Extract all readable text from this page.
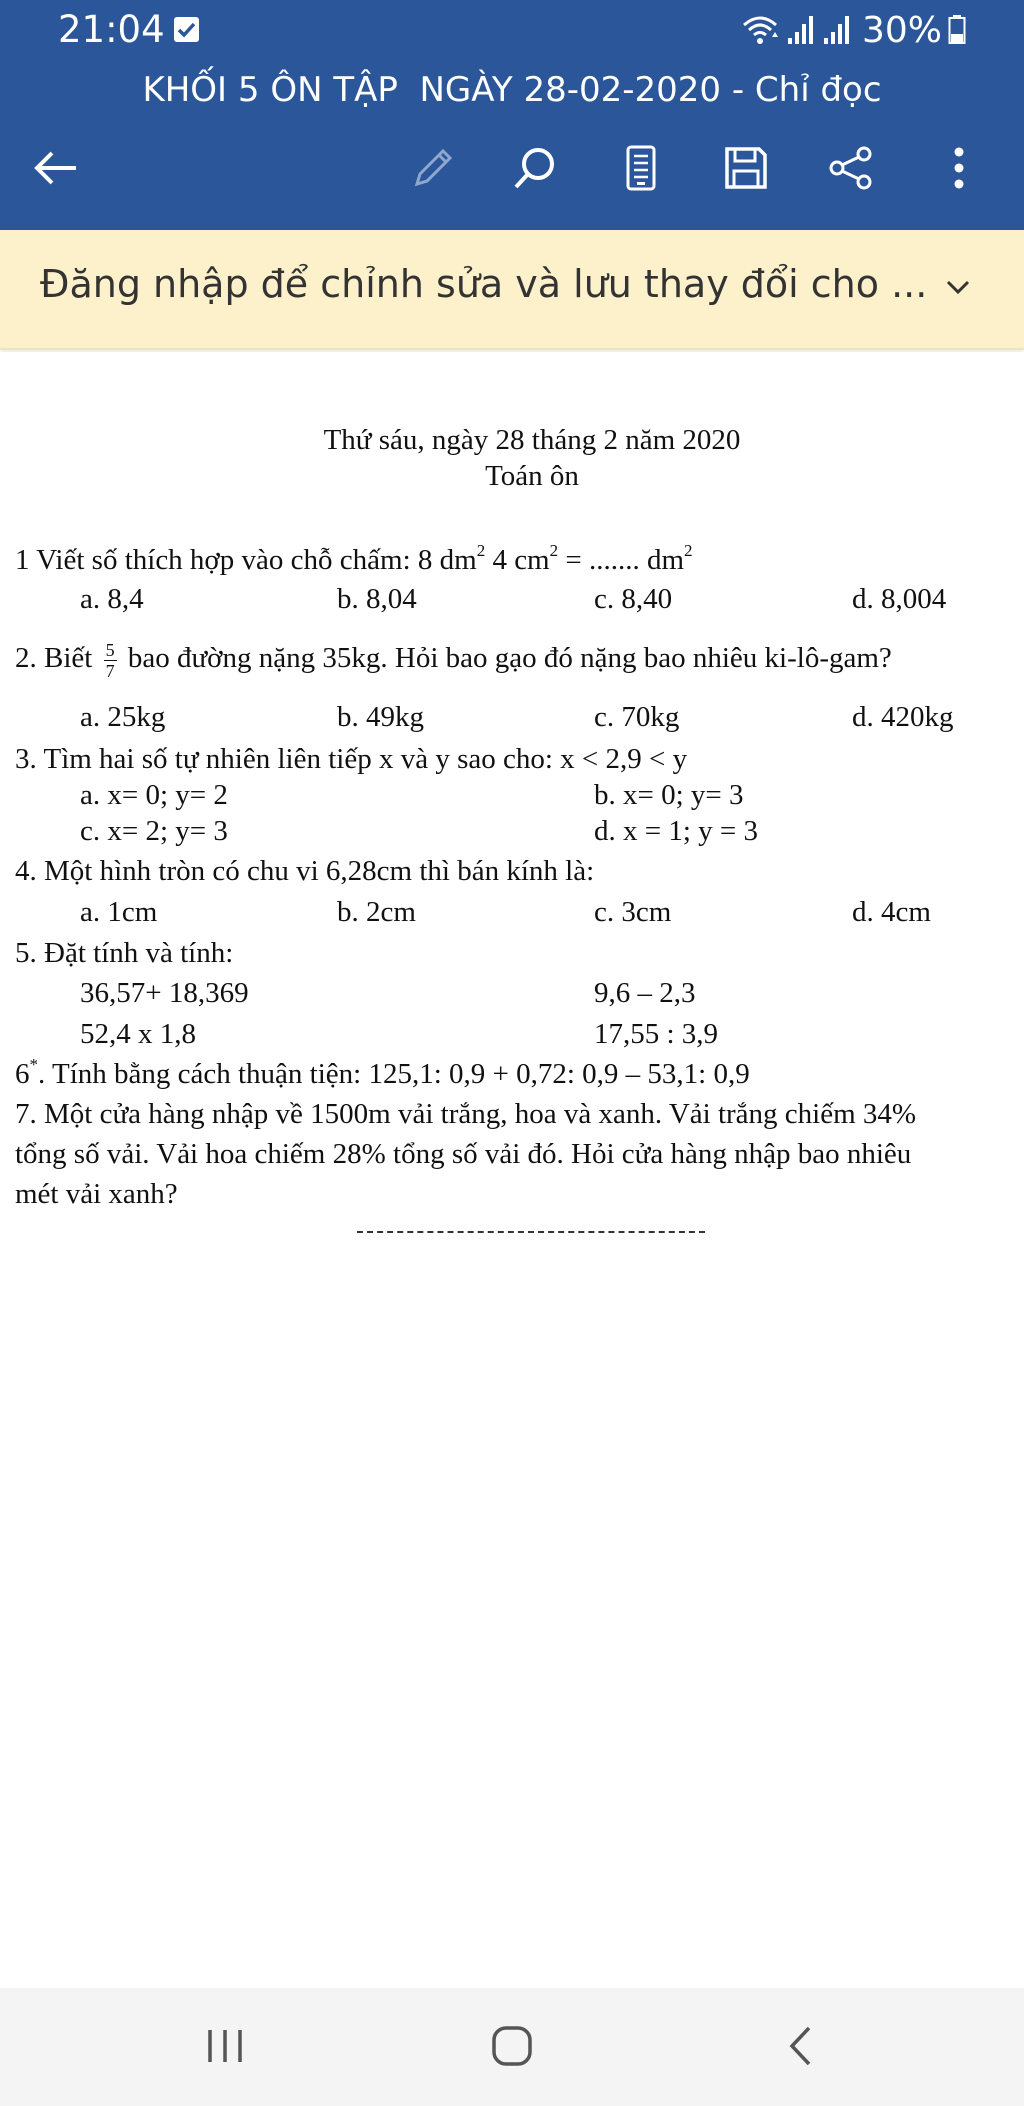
21:04	30%
KHỐI 5 ÔN TẬP  NGÀY 28-02-2020 - Chỉ đọc
Đăng nhập để chỉnh sửa và lưu thay đổi cho ...
Thứ sáu, ngày 28 tháng 2 năm 2020
Toán ôn
1 Viết số thích hợp vào chỗ chấm: 8 $dm^2$ 4 $cm^2$ = ....... $dm^2$
a. 8,4	b. 8,04	c. 8,40	d. 8,004
2. Biết $\frac{5}{7}$ bao đường nặng 35kg. Hỏi bao gạo đó nặng bao nhiêu ki-lô-gam?
a. 25kg	b. 49kg	c. 70kg	d. 420kg
3. Tìm hai số tự nhiên liên tiếp x và y sao cho: x < 2,9 < y
a. x= 0; y= 2	b. x= 0; y= 3
c. x= 2; y= 3	d. x = 1; y = 3
4. Một hình tròn có chu vi 6,28cm thì bán kính là:
a. 1cm	b. 2cm	c. 3cm	d. 4cm
5. Đặt tính và tính:
36,57+ 18,369	9,6 – 2,3
52,4 x 1,8	17,55 : 3,9
6*. Tính bằng cách thuận tiện: 125,1: 0,9 + 0,72: 0,9 – 53,1: 0,9
7. Một cửa hàng nhập về 1500m vải trắng, hoa và xanh. Vải trắng chiếm 34%
tổng số vải. Vải hoa chiếm 28% tổng số vải đó. Hỏi cửa hàng nhập bao nhiêu
mét vải xanh?
